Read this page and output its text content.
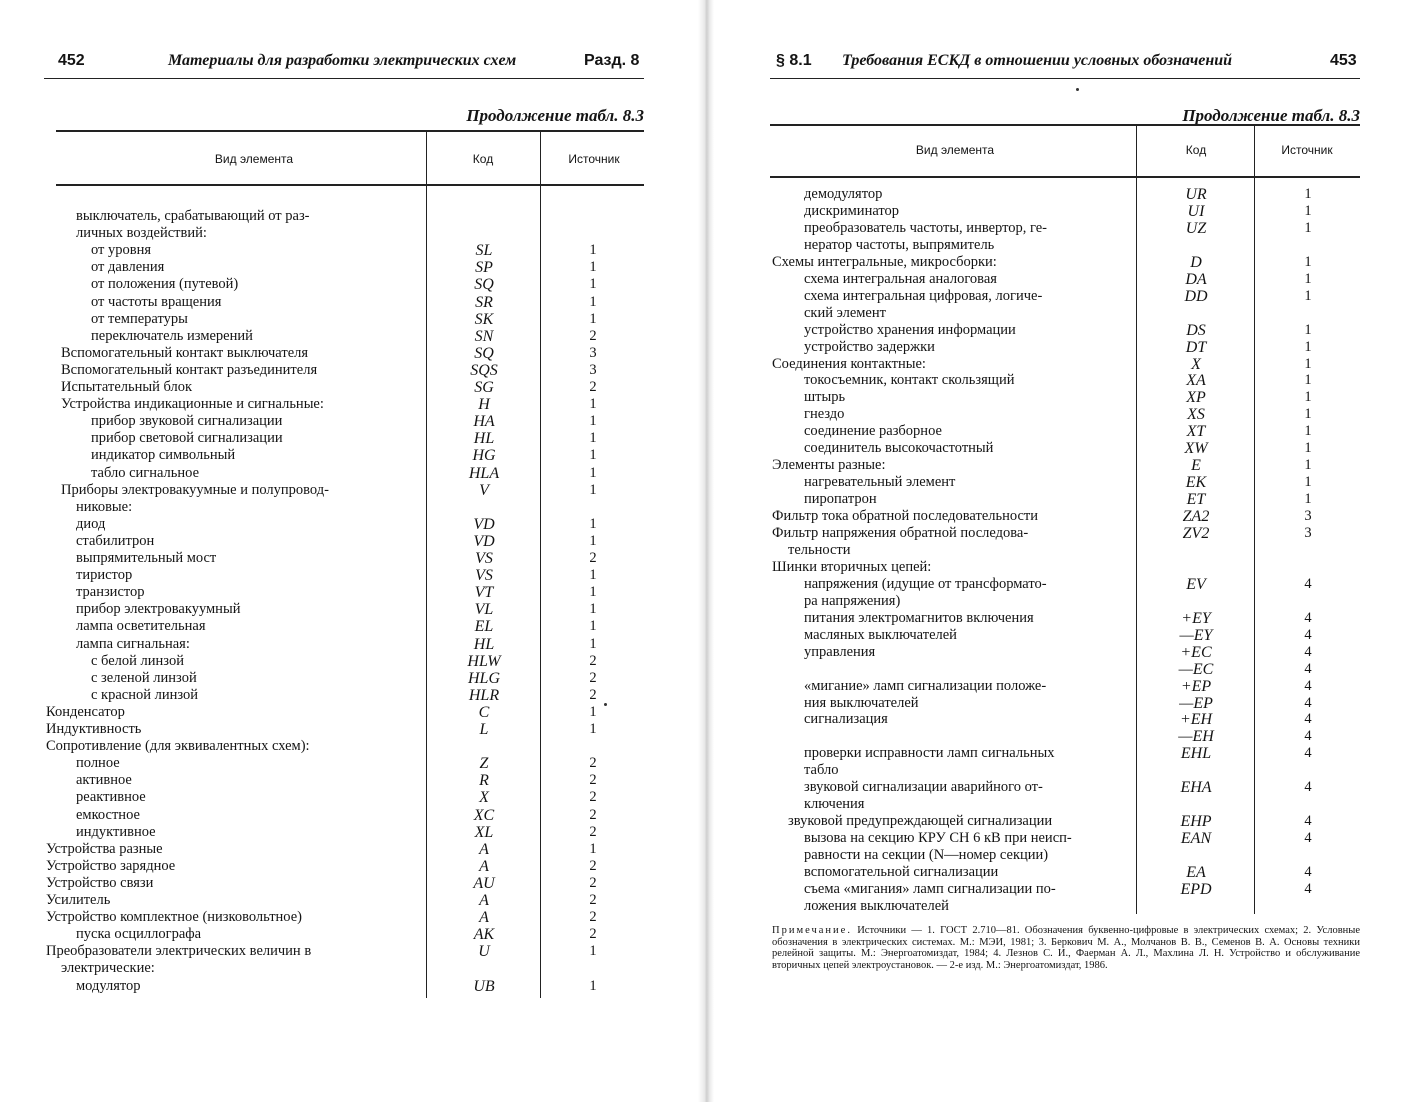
452	Материалы для разработки электрических схем	Разд. 8
Продолжение табл. 8.3
Вид элемента	Код	Источник
выключатель, срабатывающий от раз-
личных воздействий:
от уровня	SL	1
от давления	SP	1
от положения (путевой)	SQ	1
от частоты вращения	SR	1
от температуры	SK	1
переключатель измерений	SN	2
Вспомогательный контакт выключателя	SQ	3
Вспомогательный контакт разъединителя	SQS	3
Испытательный блок	SG	2
Устройства индикационные и сигнальные:	H	1
прибор звуковой сигнализации	HA	1
прибор световой сигнализации	HL	1
индикатор символьный	HG	1
табло сигнальное	HLA	1
Приборы электровакуумные и полупровод-	V	1
никовые:
диод	VD	1
стабилитрон	VD	1
выпрямительный мост	VS	2
тиристор	VS	1
транзистор	VT	1
прибор электровакуумный	VL	1
лампа осветительная	EL	1
лампа сигнальная:	HL	1
с белой линзой	HLW	2
с зеленой линзой	HLG	2
с красной линзой	HLR	2
Конденсатор	C	1
Индуктивность	L	1
Сопротивление (для эквивалентных схем):
полное	Z	2
активное	R	2
реактивное	X	2
емкостное	XC	2
индуктивное	XL	2
Устройства разные	A	1
Устройство зарядное	A	2
Устройство связи	AU	2
Усилитель	A	2
Устройство комплектное (низковольтное)	A	2
пуска осциллографа	AK	2
Преобразователи электрических величин в	U	1
электрические:
модулятор	UB	1
§ 8.1 Требования ЕСКД в отношении условных обозначений	453
Продолжение табл. 8.3
Вид элемента	Код	Источник
демодулятор	UR	1
дискриминатор	UI	1
преобразователь частоты, инвертор, ге-	UZ	1
нератор частоты, выпрямитель
Схемы интегральные, микросборки:	D	1
схема интегральная аналоговая	DA	1
схема интегральная цифровая, логиче-	DD	1
ский элемент
устройство хранения информации	DS	1
устройство задержки	DT	1
Соединения контактные:	X	1
токосъемник, контакт скользящий	XA	1
штырь	XP	1
гнездо	XS	1
соединение разборное	XT	1
соединитель высокочастотный	XW	1
Элементы разные:	E	1
нагревательный элемент	EK	1
пиропатрон	ET	1
Фильтр тока обратной последовательности	ZA2	3
Фильтр напряжения обратной последова-	ZV2	3
тельности
Шинки вторичных цепей:
напряжения (идущие от трансформато-	EV	4
ра напряжения)
питания электромагнитов включения	+EY	4
масляных выключателей	—EY	4
управления	+EC	4
—EC	4
«мигание» ламп сигнализации положе-	+EP	4
ния выключателей	—EP	4
сигнализация	+EH	4
—EH	4
проверки исправности ламп сигнальных	EHL	4
табло
звуковой сигнализации аварийного от-	EHA	4
ключения
звуковой предупреждающей сигнализации	EHP	4
вызова на секцию КРУ СН 6 кВ при неисп-	EAN	4
равности на секции (N—номер секции)
вспомогательной сигнализации	EA	4
съема «мигания» ламп сигнализации по-	EPD	4
ложения выключателей
Примечание. Источники — 1. ГОСТ 2.710—81. Обозначения буквенно-цифровые в электрических схемах; 2. Условные обозначения в электрических системах. М.: МЭИ, 1981; 3. Беркович М. А., Молчанов В. В., Семенов В. А. Основы техники релейной защиты. М.: Энергоатомиздат, 1984; 4. Лезнов С. И., Фаерман А. Л., Махлина Л. Н. Устройство и обслуживание вторичных цепей электроустановок. — 2-е изд. М.: Энергоатомиздат, 1986.
